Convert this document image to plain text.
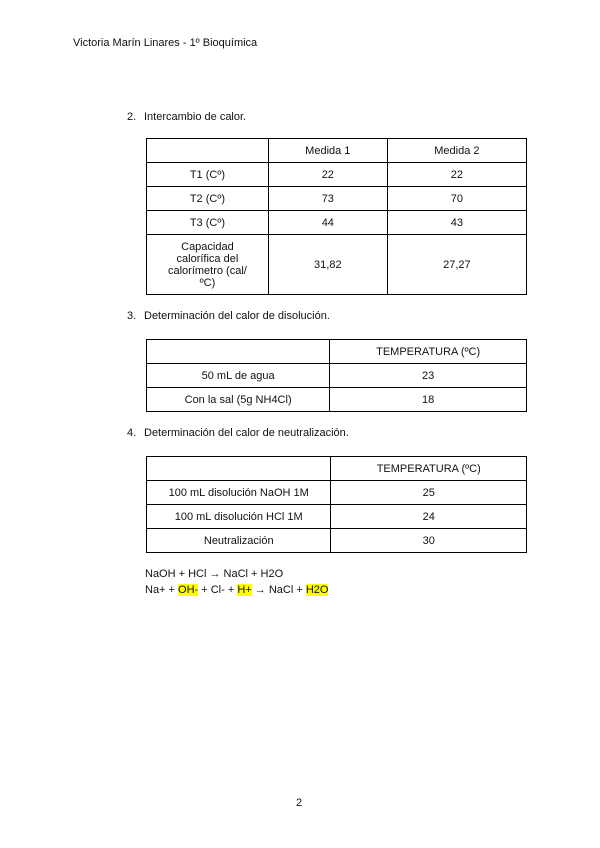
Victoria Marín Linares - 1º Bioquímica
2. Intercambio de calor.
	Medida 1	Medida 2
T1 (Cº)	22	22
T2 (Cº)	73	70
T3 (Cº)	44	43
Capacidad calorífica del calorímetro (cal/ºC)	31,82	27,27
3. Determinación del calor de disolución.
	TEMPERATURA (ºC)
50 mL de agua	23
Con la sal (5g NH4Cl)	18
4. Determinación del calor de neutralización.
	TEMPERATURA (ºC)
100 mL disolución NaOH 1M	25
100 mL disolución HCl 1M	24
Neutralización	30
NaOH + HCl → NaCl + H2O
Na+ + OH- + Cl- + H+ → NaCl + H2O
2
